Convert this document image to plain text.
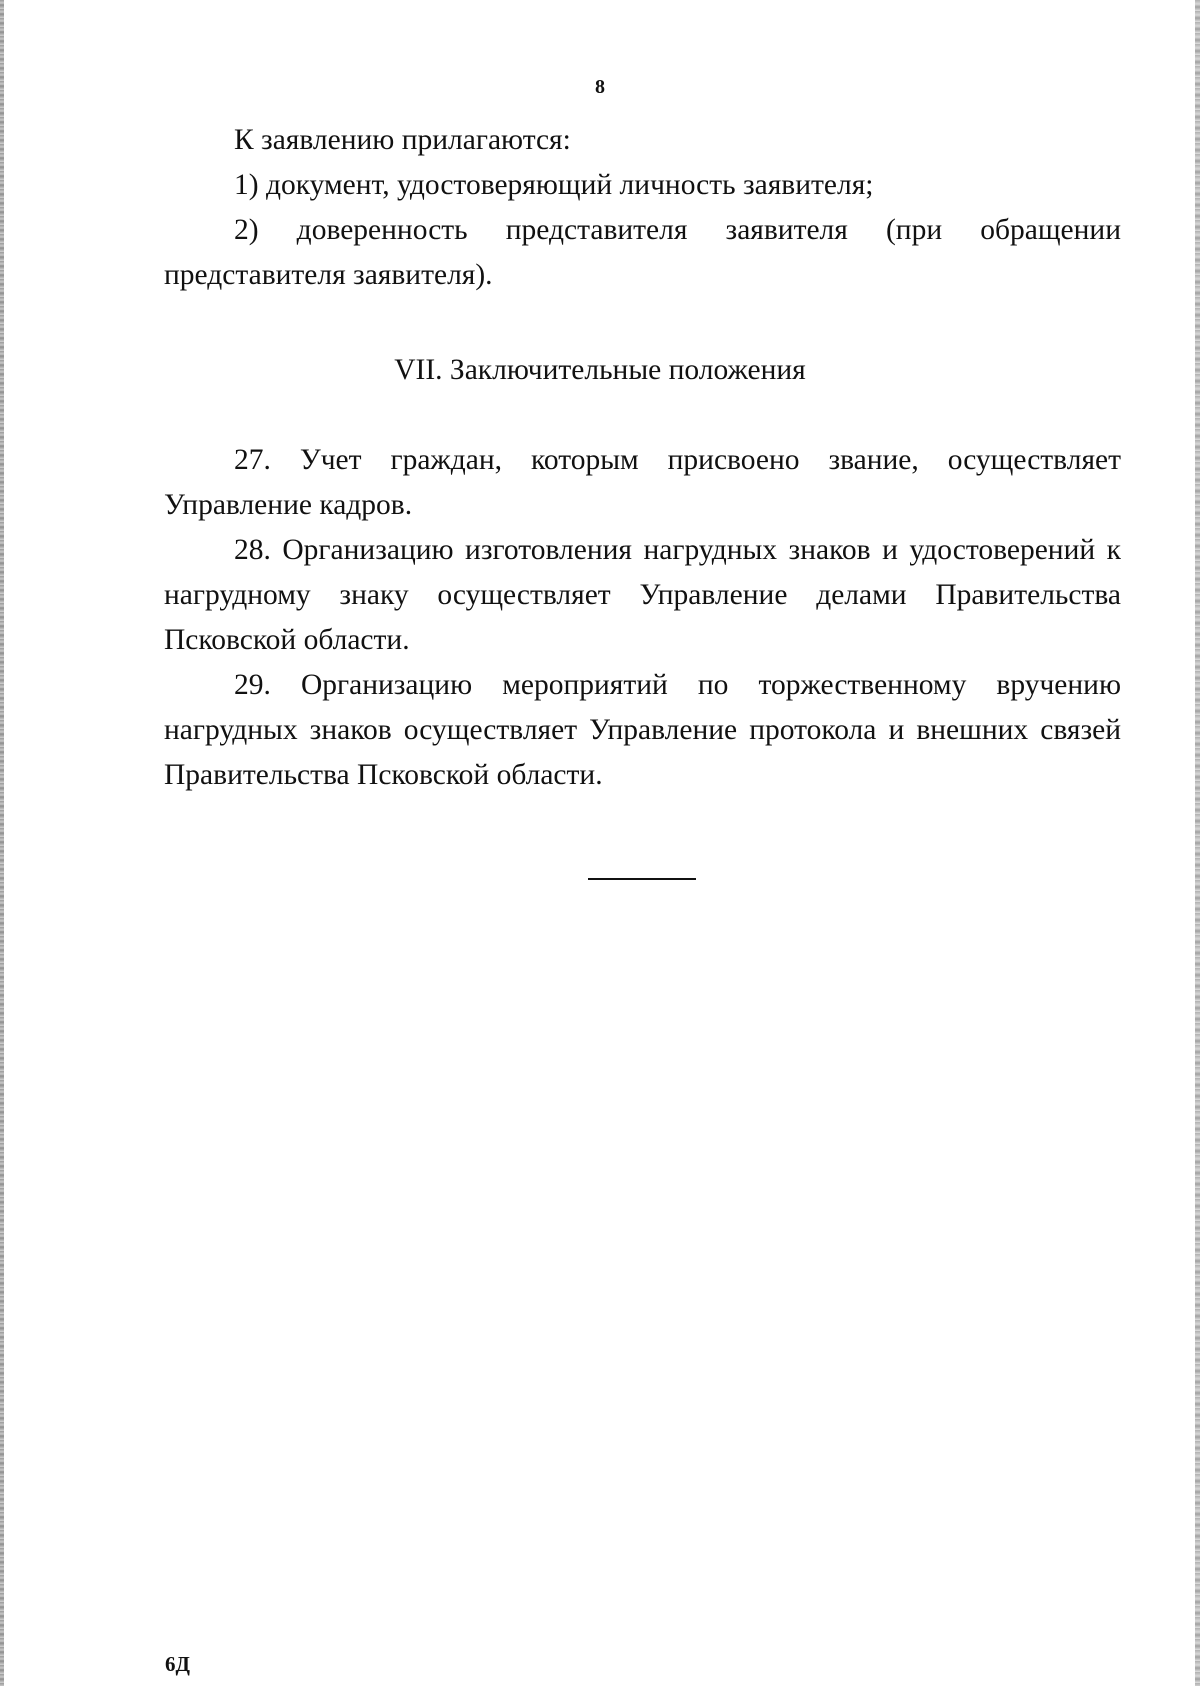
8

К заявлению прилагаются:

1) документ, удостоверяющий личность заявителя;

2) доверенность представителя заявителя (при обращении представителя заявителя).

VII. Заключительные положения

27. Учет граждан, которым присвоено звание, осуществляет Управление кадров.

28. Организацию изготовления нагрудных знаков и удостоверений к нагрудному знаку осуществляет Управление делами Правительства Псковской области.

29. Организацию мероприятий по торжественному вручению нагрудных знаков осуществляет Управление протокола и внешних связей Правительства Псковской области.

6Д
